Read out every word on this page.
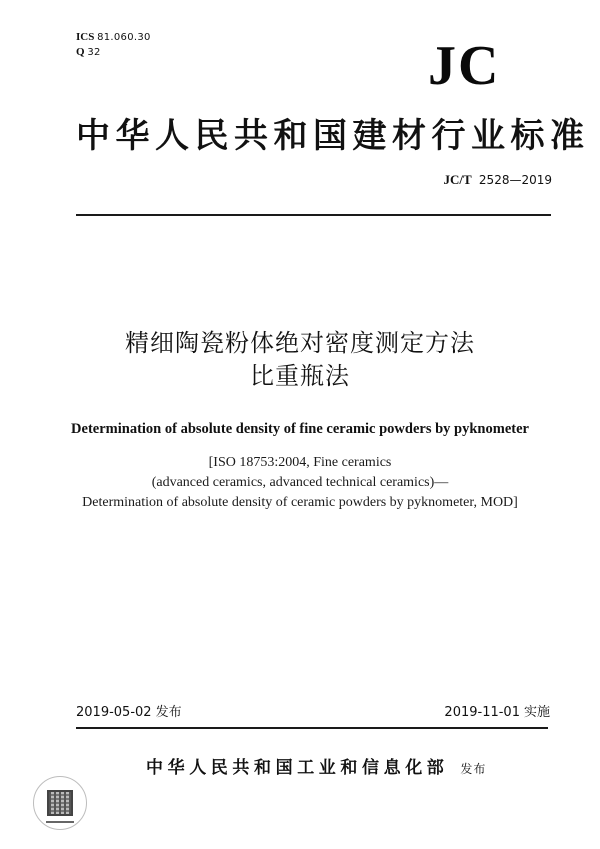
ICS 81.060.30
Q 32	JC
中华人民共和国建材行业标准
JC/T 2528—2019
精细陶瓷粉体绝对密度测定方法
比重瓶法
Determination of absolute density of fine ceramic powders by pyknometer
[ISO 18753:2004, Fine ceramics
(advanced ceramics, advanced technical ceramics)—
Determination of absolute density of ceramic powders by pyknometer, MOD]
2019-05-02 发布	2019-11-01 实施
中华人民共和国工业和信息化部 发布
